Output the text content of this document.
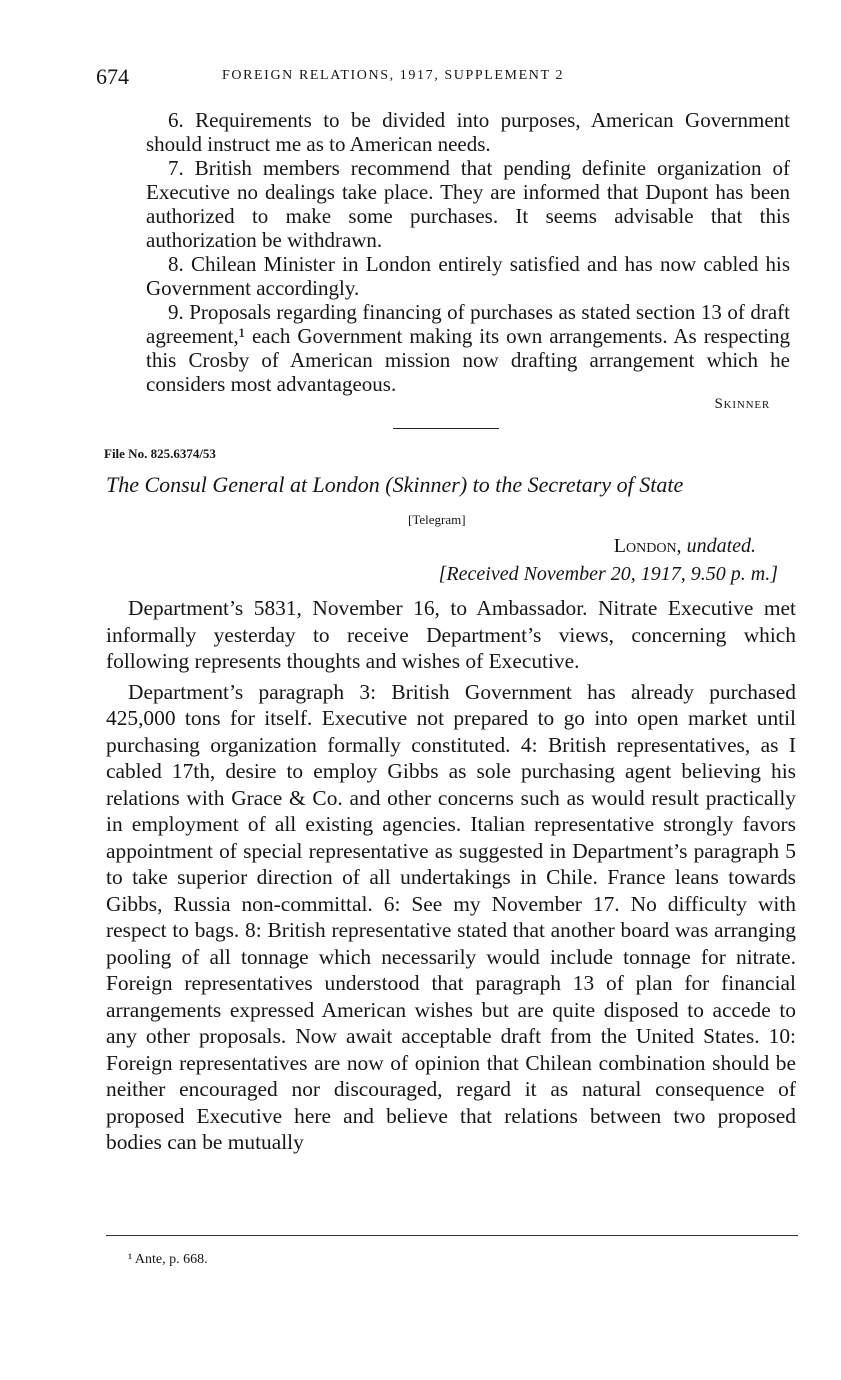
674	FOREIGN RELATIONS, 1917, SUPPLEMENT 2

6. Requirements to be divided into purposes, American Government should instruct me as to American needs.

7. British members recommend that pending definite organization of Executive no dealings take place. They are informed that Dupont has been authorized to make some purchases. It seems advisable that this authorization be withdrawn.

8. Chilean Minister in London entirely satisfied and has now cabled his Government accordingly.

9. Proposals regarding financing of purchases as stated section 13 of draft agreement,¹ each Government making its own arrangements. As respecting this Crosby of American mission now drafting arrangement which he considers most advantageous.

Skinner
File No. 825.6374/53
The Consul General at London (Skinner) to the Secretary of State
[Telegram]
London, undated.
[Received November 20, 1917, 9.50 p. m.]

Department’s 5831, November 16, to Ambassador. Nitrate Executive met informally yesterday to receive Department’s views, concerning which following represents thoughts and wishes of Executive.

Department’s paragraph 3: British Government has already purchased 425,000 tons for itself. Executive not prepared to go into open market until purchasing organization formally constituted. 4: British representatives, as I cabled 17th, desire to employ Gibbs as sole purchasing agent believing his relations with Grace & Co. and other concerns such as would result practically in employment of all existing agencies. Italian representative strongly favors appointment of special representative as suggested in Department’s paragraph 5 to take superior direction of all undertakings in Chile. France leans towards Gibbs, Russia non-committal. 6: See my November 17. No difficulty with respect to bags. 8: British representative stated that another board was arranging pooling of all tonnage which necessarily would include tonnage for nitrate. Foreign representatives understood that paragraph 13 of plan for financial arrangements expressed American wishes but are quite disposed to accede to any other proposals. Now await acceptable draft from the United States. 10: Foreign representatives are now of opinion that Chilean combination should be neither encouraged nor discouraged, regard it as natural consequence of proposed Executive here and believe that relations between two proposed bodies can be mutually

¹ Ante, p. 668.
